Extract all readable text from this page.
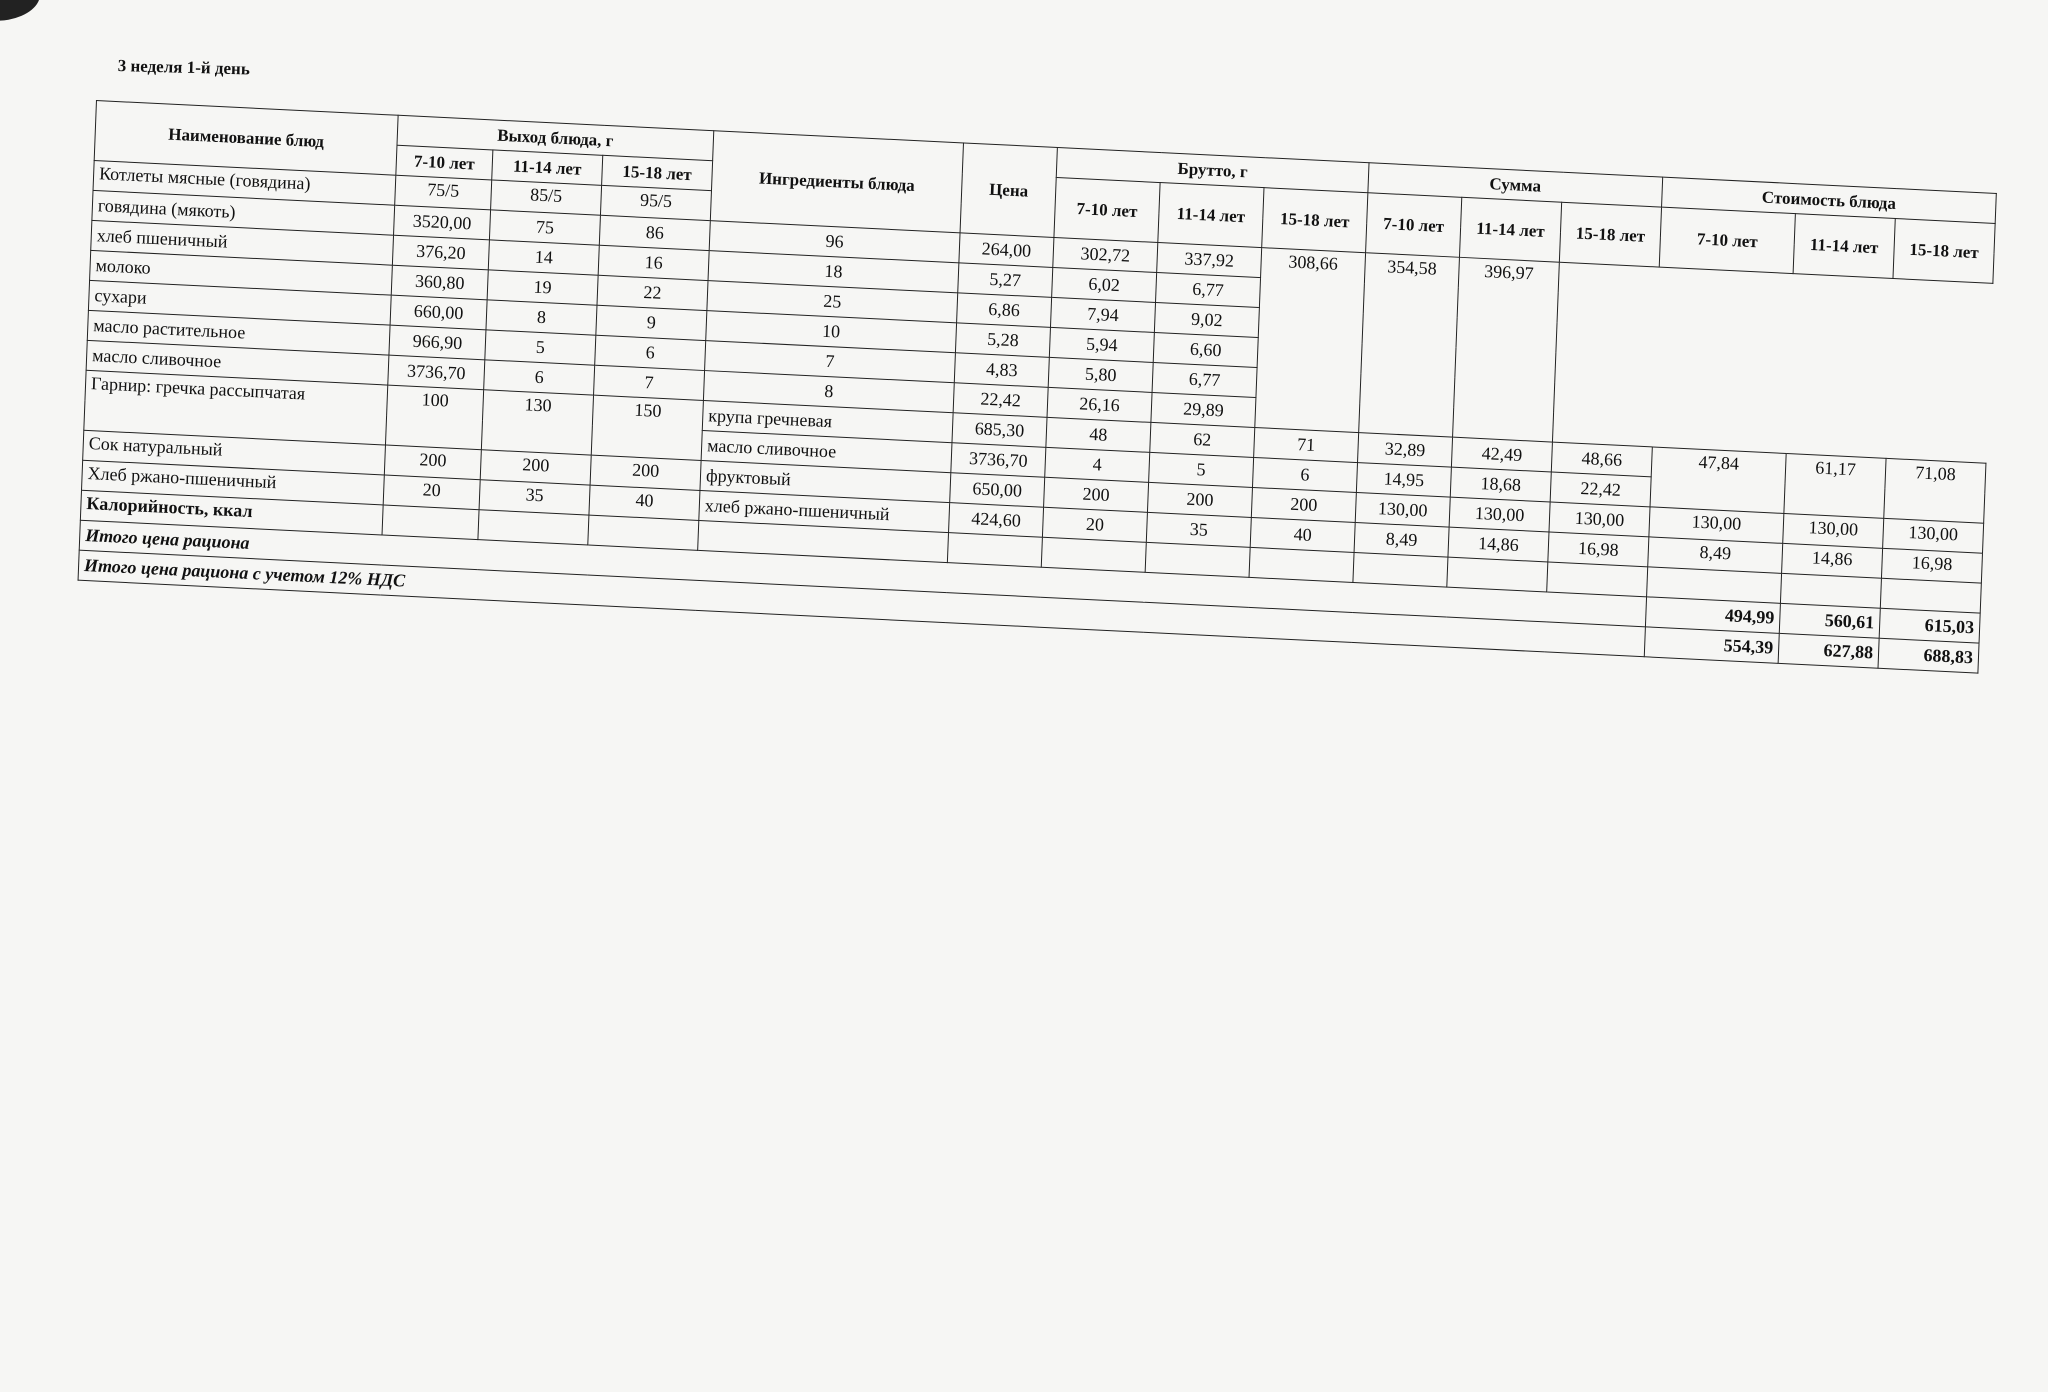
3 неделя 1-й день
Наименование блюд	Выход блюда, г			Ингредиенты блюда	Цена	Брутто, г			Сумма			Стоимость блюда		
	7-10 лет	11-14 лет	15-18 лет			7-10 лет	11-14 лет	15-18 лет	7-10 лет	11-14 лет	15-18 лет	7-10 лет	11-14 лет	15-18 лет
Котлеты мясные (говядина)	75/5	85/5	95/5											
говядина (мякоть)	3520,00	75	86	96	264,00	302,72	337,92	308,66	354,58	396,97				
хлеб пшеничный	376,20	14	16	18	5,27	6,02	6,77							
молоко	360,80	19	22	25	6,86	7,94	9,02							
сухари	660,00	8	9	10	5,28	5,94	6,60							
масло растительное	966,90	5	6	7	4,83	5,80	6,77							
масло сливочное	3736,70	6	7	8	22,42	26,16	29,89							
Гарнир: гречка рассыпчатая	100	130	150	крупа гречневая	685,30	48	62	71	32,89	42,49	48,66	47,84	61,17	71,08
				масло сливочное	3736,70	4	5	6	14,95	18,68	22,42			
Сок натуральный	200	200	200	фруктовый	650,00	200	200	200	130,00	130,00	130,00	130,00	130,00	130,00
Хлеб ржано-пшеничный	20	35	40	хлеб ржано-пшеничный	424,60	20	35	40	8,49	14,86	16,98	8,49	14,86	16,98
Калорийность, ккал														
Итого цена рациона												494,99	560,61	615,03
Итого цена рациона с учетом 12% НДС												554,39	627,88	688,83
